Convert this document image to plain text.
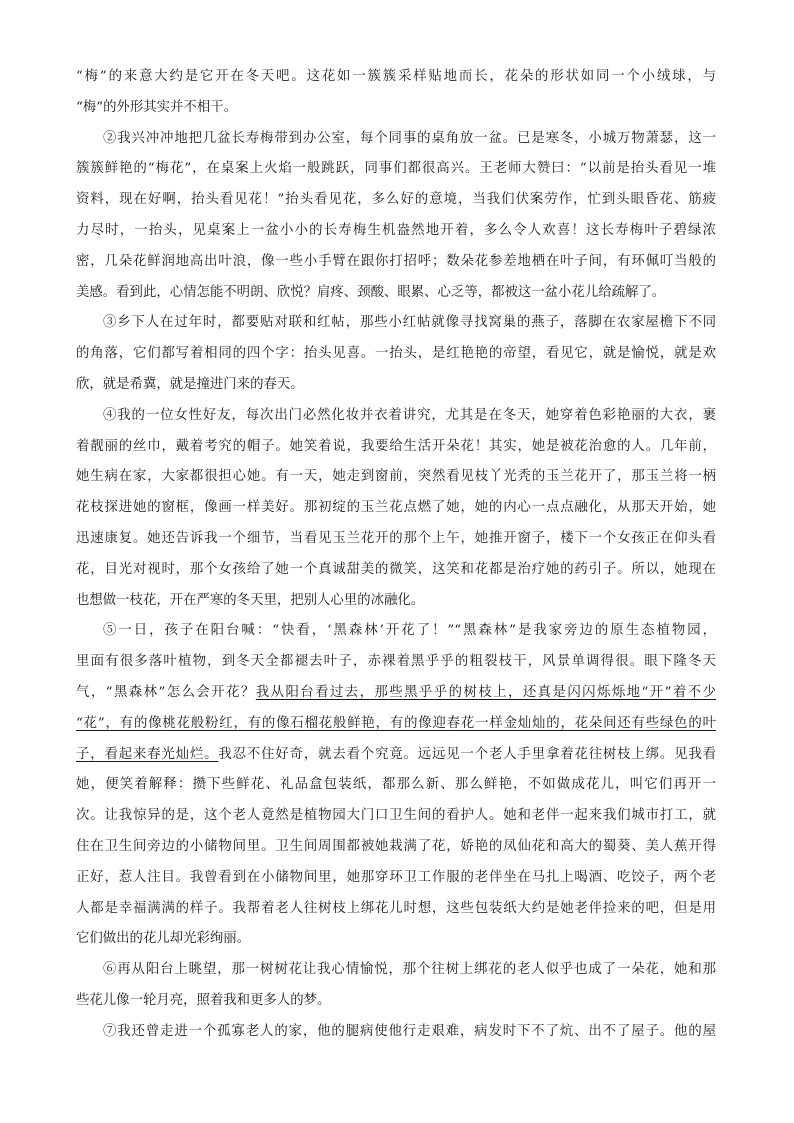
“梅”的来意大约是它开在冬天吧。这花如一簇簇采样贴地而长，花朵的形状如同一个小绒球，与
“梅”的外形其实并不相干。
②我兴冲冲地把几盆长寿梅带到办公室，每个同事的桌角放一盆。已是寒冬，小城万物萧瑟，这一
簇簇鲜艳的“梅花”，在桌案上火焰一般跳跃，同事们都很高兴。王老师大赞曰：“以前是抬头看见一堆
资料，现在好啊，抬头看见花！”抬头看见花，多么好的意境，当我们伏案劳作，忙到头眼昏花、筋疲
力尽时，一抬头，见桌案上一盆小小的长寿梅生机盎然地开着，多么令人欢喜！这长寿梅叶子碧绿浓
密，几朵花鲜润地高出叶浪，像一些小手臂在跟你打招呼；数朵花参差地栖在叶子间，有环佩叮当般的
美感。看到此，心情怎能不明朗、欣悦？肩疼、颈酸、眼累、心乏等，都被这一盆小花儿给疏解了。
③乡下人在过年时，都要贴对联和红帖，那些小红帖就像寻找窝巢的燕子，落脚在农家屋檐下不同
的角落，它们都写着相同的四个字：抬头见喜。一抬头，是红艳艳的帝望，看见它，就是愉悦，就是欢
欣，就是希冀，就是撞进门来的春天。
④我的一位女性好友，每次出门必然化妆并衣着讲究，尤其是在冬天，她穿着色彩艳丽的大衣，裹
着靓丽的丝巾，戴着考究的帽子。她笑着说，我要给生活开朵花！其实，她是被花治愈的人。几年前，
她生病在家，大家都很担心她。有一天，她走到窗前，突然看见枝丫光秃的玉兰花开了，那玉兰将一柄
花枝探进她的窗框，像画一样美好。那初绽的玉兰花点燃了她，她的内心一点点融化，从那天开始，她
迅速康复。她还告诉我一个细节，当看见玉兰花开的那个上午，她推开窗子，楼下一个女孩正在仰头看
花，目光对视时，那个女孩给了她一个真诚甜美的微笑，这笑和花都是治疗她的药引子。所以，她现在
也想做一枝花，开在严寒的冬天里，把别人心里的冰融化。
⑤一日，孩子在阳台喊：“快看，‘黑森林’开花了！”“黑森林”是我家旁边的原生态植物园，
里面有很多落叶植物，到冬天全都褪去叶子，赤裸着黑乎乎的粗裂枝干，风景单调得很。眼下隆冬天
气，“黑森林”怎么会开花？我从阳台看过去，那些黑乎乎的树枝上，还真是闪闪烁烁地“开”着不少
“花”，有的像桃花般粉红，有的像石榴花般鲜艳，有的像迎春花一样金灿灿的，花朵间还有些绿色的叶
子，看起来春光灿烂。我忍不住好奇，就去看个究竟。远远见一个老人手里拿着花往树枝上绑。见我看
她，便笑着解释：攒下些鲜花、礼品盒包装纸，都那么新、那么鲜艳，不如做成花儿，叫它们再开一
次。让我惊异的是，这个老人竟然是植物园大门口卫生间的看护人。她和老伴一起来我们城市打工，就
住在卫生间旁边的小储物间里。卫生间周围都被她栽满了花，娇艳的凤仙花和高大的蜀葵、美人蕉开得
正好，惹人注目。我曾看到在小储物间里，她那穿环卫工作服的老伴坐在马扎上喝酒、吃饺子，两个老
人都是幸福满满的样子。我帮着老人往树枝上绑花儿时想，这些包装纸大约是她老伴捡来的吧，但是用
它们做出的花儿却光彩绚丽。
⑥再从阳台上眺望，那一树树花让我心情愉悦，那个往树上绑花的老人似乎也成了一朵花，她和那
些花儿像一轮月亮，照着我和更多人的梦。
⑦我还曾走进一个孤寡老人的家，他的腿病使他行走艰难，病发时下不了炕、出不了屋子。他的屋
